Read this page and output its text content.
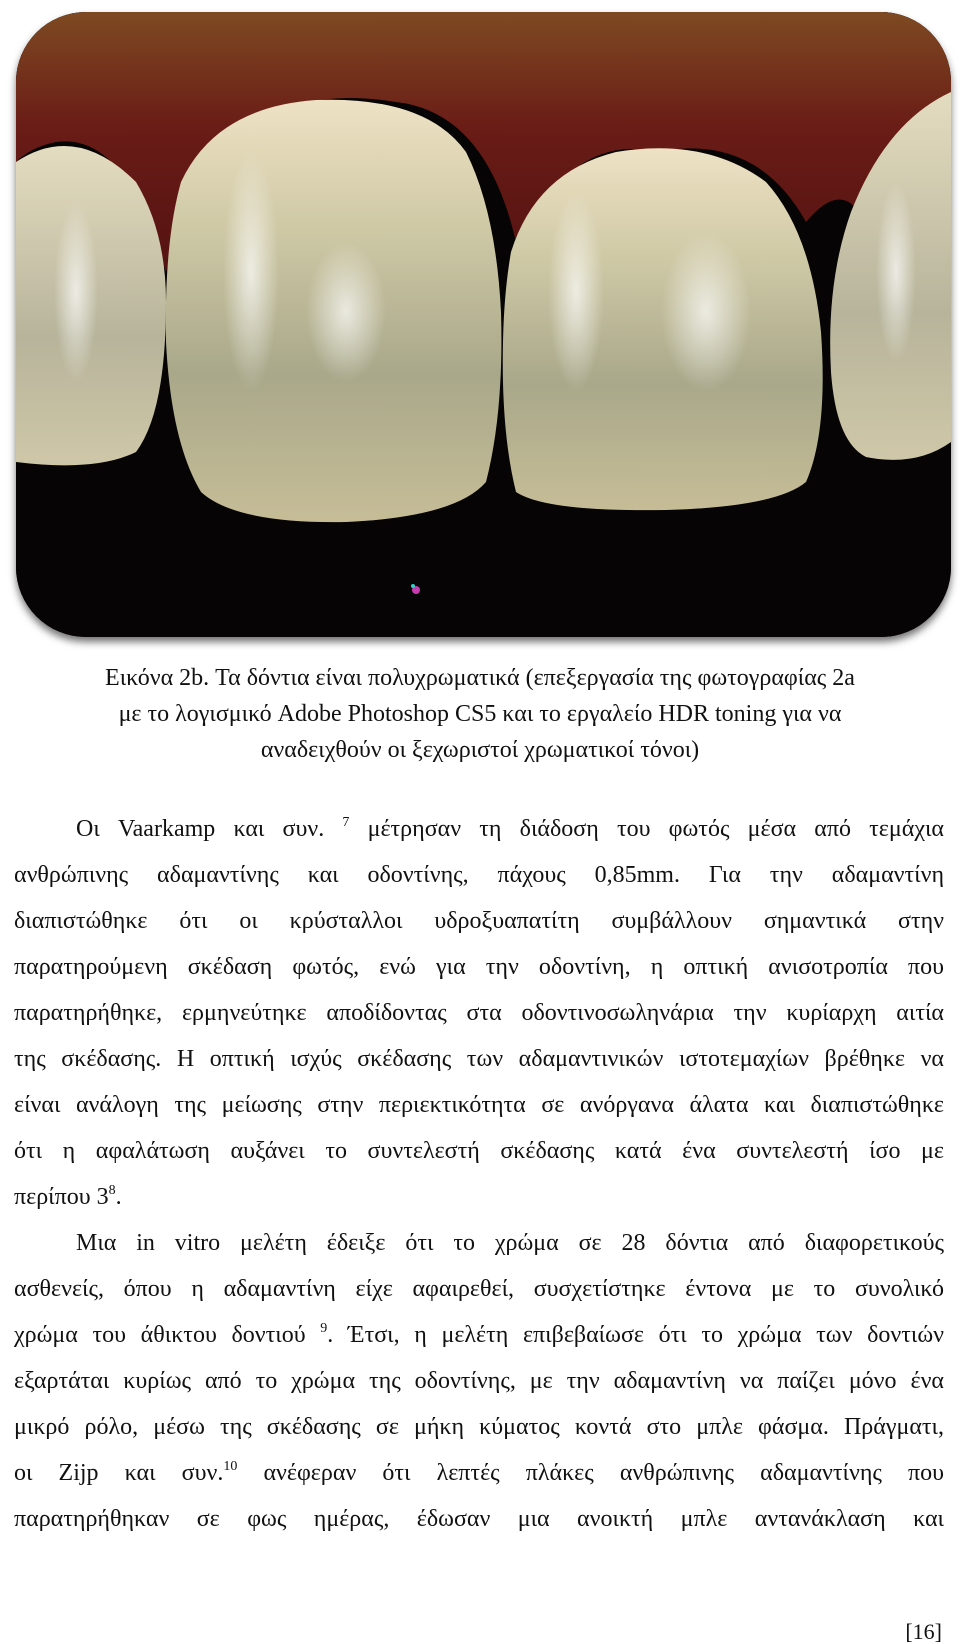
Εικόνα 2b. Τα δόντια είναι πολυχρωματικά (επεξεργασία της φωτογραφίας 2a

με το λογισμικό Adobe Photoshop CS5 και το εργαλείο HDR toning για να

αναδειχθούν οι ξεχωριστοί χρωματικοί τόνοι)

Οι Vaarkamp και συν. $^7$ μέτρησαν τη διάδοση του φωτός μέσα από τεμάχια
ανθρώπινης αδαμαντίνης και οδοντίνης, πάχους 0,85mm. Για την αδαμαντίνη
διαπιστώθηκε ότι οι κρύσταλλοι υδροξυαπατίτη συμβάλλουν σημαντικά στην
παρατηρούμενη σκέδαση φωτός, ενώ για την οδοντίνη, η οπτική ανισοτροπία που
παρατηρήθηκε, ερμηνεύτηκε αποδίδοντας στα οδοντινοσωληνάρια την κυρίαρχη αιτία
της σκέδασης. Η οπτική ισχύς σκέδασης των αδαμαντινικών ιστοτεμαχίων βρέθηκε να
είναι ανάλογη της μείωσης στην περιεκτικότητα σε ανόργανα άλατα και διαπιστώθηκε
ότι η αφαλάτωση αυξάνει το συντελεστή σκέδασης κατά ένα συντελεστή ίσο με
περίπου $3^8$.
Μια in vitro μελέτη έδειξε ότι το χρώμα σε 28 δόντια από διαφορετικούς
ασθενείς, όπου η αδαμαντίνη είχε αφαιρεθεί, συσχετίστηκε έντονα με το συνολικό
χρώμα του άθικτου δοντιού $^9$. Έτσι, η μελέτη επιβεβαίωσε ότι το χρώμα των δοντιών
εξαρτάται κυρίως από το χρώμα της οδοντίνης, με την αδαμαντίνη να παίζει μόνο ένα
μικρό ρόλο, μέσω της σκέδασης σε μήκη κύματος κοντά στο μπλε φάσμα. Πράγματι,
οι Zijp και συν.$^{10}$ ανέφεραν ότι λεπτές πλάκες ανθρώπινης αδαμαντίνης που
παρατηρήθηκαν σε φως ημέρας, έδωσαν μια ανοικτή μπλε αντανάκλαση και
[16]
